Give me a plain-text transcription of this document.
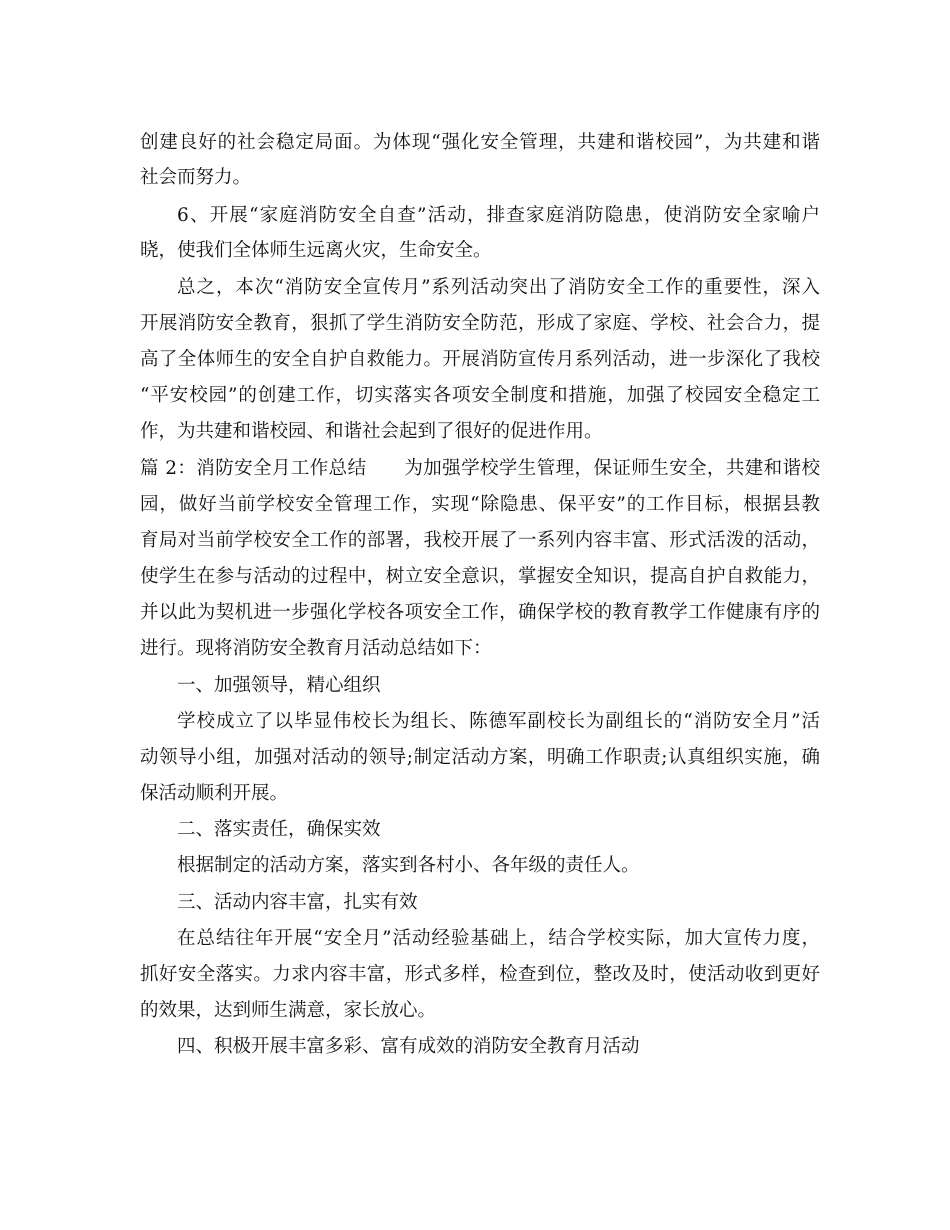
创建良好的社会稳定局面。为体现“强化安全管理，共建和谐校园”，为共建和谐
社会而努力。
6、开展“家庭消防安全自查”活动，排查家庭消防隐患，使消防安全家喻户
晓，使我们全体师生远离火灾，生命安全。
总之，本次“消防安全宣传月”系列活动突出了消防安全工作的重要性，深入
开展消防安全教育，狠抓了学生消防安全防范，形成了家庭、学校、社会合力，提
高了全体师生的安全自护自救能力。开展消防宣传月系列活动，进一步深化了我校
“平安校园”的创建工作，切实落实各项安全制度和措施，加强了校园安全稳定工
作，为共建和谐校园、和谐社会起到了很好的促进作用。
篇 2：消防安全月工作总结　　为加强学校学生管理，保证师生安全，共建和谐校
园，做好当前学校安全管理工作，实现“除隐患、保平安”的工作目标，根据县教
育局对当前学校安全工作的部署，我校开展了一系列内容丰富、形式活泼的活动，
使学生在参与活动的过程中，树立安全意识，掌握安全知识，提高自护自救能力，
并以此为契机进一步强化学校各项安全工作，确保学校的教育教学工作健康有序的
进行。现将消防安全教育月活动总结如下：
一、加强领导，精心组织
学校成立了以毕显伟校长为组长、陈德军副校长为副组长的“消防安全月”活
动领导小组，加强对活动的领导;制定活动方案，明确工作职责;认真组织实施，确
保活动顺利开展。
二、落实责任，确保实效
根据制定的活动方案，落实到各村小、各年级的责任人。
三、活动内容丰富，扎实有效
在总结往年开展“安全月”活动经验基础上，结合学校实际，加大宣传力度，
抓好安全落实。力求内容丰富，形式多样，检查到位，整改及时，使活动收到更好
的效果，达到师生满意，家长放心。
四、积极开展丰富多彩、富有成效的消防安全教育月活动
